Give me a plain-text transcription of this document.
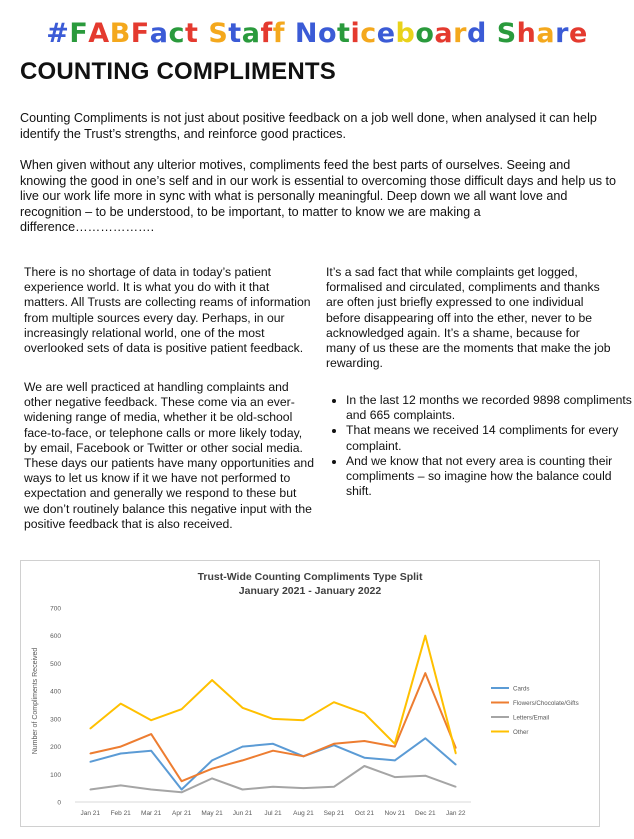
#FABFact Staff Noticeboard Share
COUNTING COMPLIMENTS

Counting Compliments is not just about positive feedback on a job well done, when analysed it can help identify the Trust’s strengths, and reinforce good practices.

When given without any ulterior motives, compliments feed the best parts of ourselves. Seeing and knowing the good in one’s self and in our work is essential to overcoming those difficult days and help us to live our work life more in sync with what is personally meaningful. Deep down we all want love and recognition – to be understood, to be important, to matter to know we are making a difference……………….

There is no shortage of data in today’s patient experience world. It is what you do with it that matters. All Trusts are collecting reams of information from multiple sources every day. Perhaps, in our increasingly relational world, one of the most overlooked sets of data is positive patient feedback.

We are well practiced at handling complaints and other negative feedback. These come via an ever-widening range of media, whether it be old-school face-to-face, or telephone calls or more likely today, by email, Facebook or Twitter or other social media. These days our patients have many opportunities and ways to let us know if it we have not performed to expectation and generally we respond to these but we don’t routinely balance this negative input with the positive feedback that is also received.

It’s a sad fact that while complaints get logged, formalised and circulated, compliments and thanks are often just briefly expressed to one individual before disappearing off into the ether, never to be acknowledged again. It’s a shame, because for many of us these are the moments that make the job rewarding.

• In the last 12 months we recorded 9898 compliments and 665 complaints.
• That means we received 14 compliments for every complaint.
• And we know that not every area is counting their compliments – so imagine how the balance could shift.
Trust-Wide Counting Compliments Type Split
January 2021 - January 2022
Number of Compliments Received
0
100
200
300
400
500
600
700
Jan 21 Feb 21 Mar 21 Apr 21 May 21 Jun 21 Jul 21 Aug 21 Sep 21 Oct 21 Nov 21 Dec 21 Jan 22
Cards
Flowers/Chocolate/Gifts
Letters/Email
Other
